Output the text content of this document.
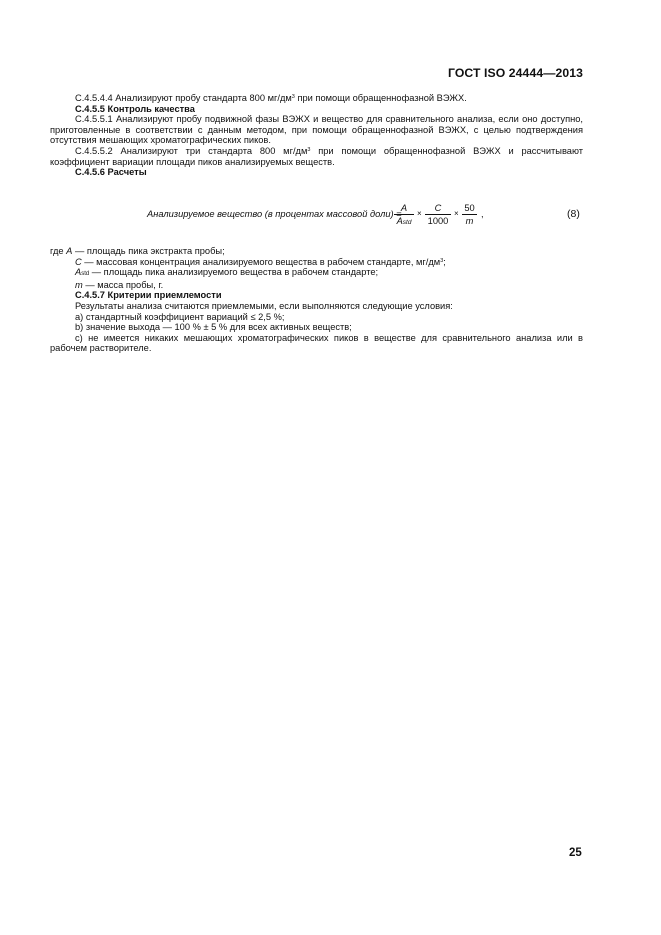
ГОСТ ISO 24444—2013

С.4.5.4.4 Анализируют пробу стандарта 800 $мг/дм^3$ при помощи обращеннофазной ВЭЖХ.

С.4.5.5 Контроль качества

С.4.5.5.1 Анализируют пробу подвижной фазы ВЭЖХ и вещество для сравнительного анализа, если оно доступно, приготовленные в соответствии с данным методом, при помощи обращеннофазной ВЭЖХ, с целью подтверждения отсутствия мешающих хроматографических пиков.

С.4.5.5.2 Анализируют три стандарта 800 $мг/дм^3$ при помощи обращеннофазной ВЭЖХ и рассчитывают коэффициент вариации площади пиков анализируемых веществ.

С.4.5.6 Расчеты

Анализируемое вещество (в процентах массовой доли) =
A
Astd
× $\frac{C}{1000} \times \frac{50}{m}$ ,	(8)

где A — площадь пика экстракта пробы;

C — массовая концентрация анализируемого вещества в рабочем стандарте, $мг/дм^3$;

Astd — площадь пика анализируемого вещества в рабочем стандарте;

m — масса пробы, г.

С.4.5.7 Критерии приемлемости

Результаты анализа считаются приемлемыми, если выполняются следующие условия:

a) стандартный коэффициент вариаций ≤ 2,5 %;

b) значение выхода — 100 % ± 5 % для всех активных веществ;

c) не имеется никаких мешающих хроматографических пиков в веществе для сравнительного анализа или в рабочем растворителе.

25
